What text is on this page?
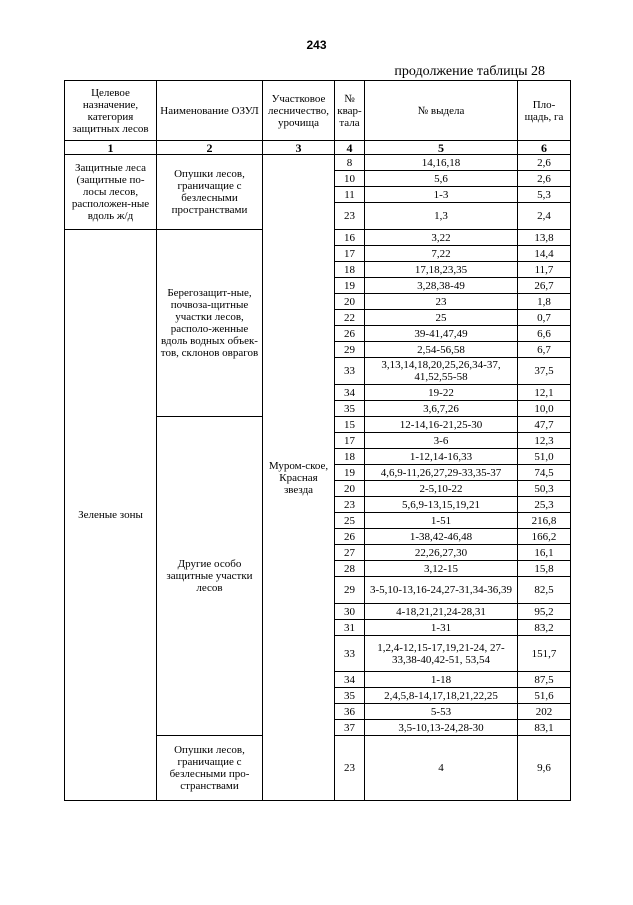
243
продолжение таблицы 28
Целевое назначение, категория защитных лесов	Наименование ОЗУЛ	Участковое лесничество, урочища	№ квар-тала	№ выдела	Пло-щадь, га
1	2	3	4	5	6
Защитные леса (защитные по-лосы лесов, расположен-ные вдоль ж/д	Опушки лесов, граничащие с безлесными пространствами	Муром-ское, Красная звезда	8	14,16,18	2,6
			10	5,6	2,6
			11	1-3	5,3
			23	1,3	2,4
Зеленые зоны	Берегозащит-ные, почвоза-щитные участки лесов, располо-женные вдоль водных объек-тов, склонов оврагов		16	3,22	13,8
			17	7,22	14,4
			18	17,18,23,35	11,7
			19	3,28,38-49	26,7
			20	23	1,8
			22	25	0,7
			26	39-41,47,49	6,6
			29	2,54-56,58	6,7
			33	3,13,14,18,20,25,26,34-37, 41,52,55-58	37,5
			34	19-22	12,1
			35	3,6,7,26	10,0
	Другие особо защитные участки лесов		15	12-14,16-21,25-30	47,7
			17	3-6	12,3
			18	1-12,14-16,33	51,0
			19	4,6,9-11,26,27,29-33,35-37	74,5
			20	2-5,10-22	50,3
			23	5,6,9-13,15,19,21	25,3
			25	1-51	216,8
			26	1-38,42-46,48	166,2
			27	22,26,27,30	16,1
			28	3,12-15	15,8
			29	3-5,10-13,16-24,27-31,34-36,39	82,5
			30	4-18,21,21,24-28,31	95,2
			31	1-31	83,2
			33	1,2,4-12,15-17,19,21-24, 27-33,38-40,42-51, 53,54	151,7
			34	1-18	87,5
			35	2,4,5,8-14,17,18,21,22,25	51,6
			36	5-53	202
			37	3,5-10,13-24,28-30	83,1
	Опушки лесов, граничащие с безлесными про-странствами		23	4	9,6
